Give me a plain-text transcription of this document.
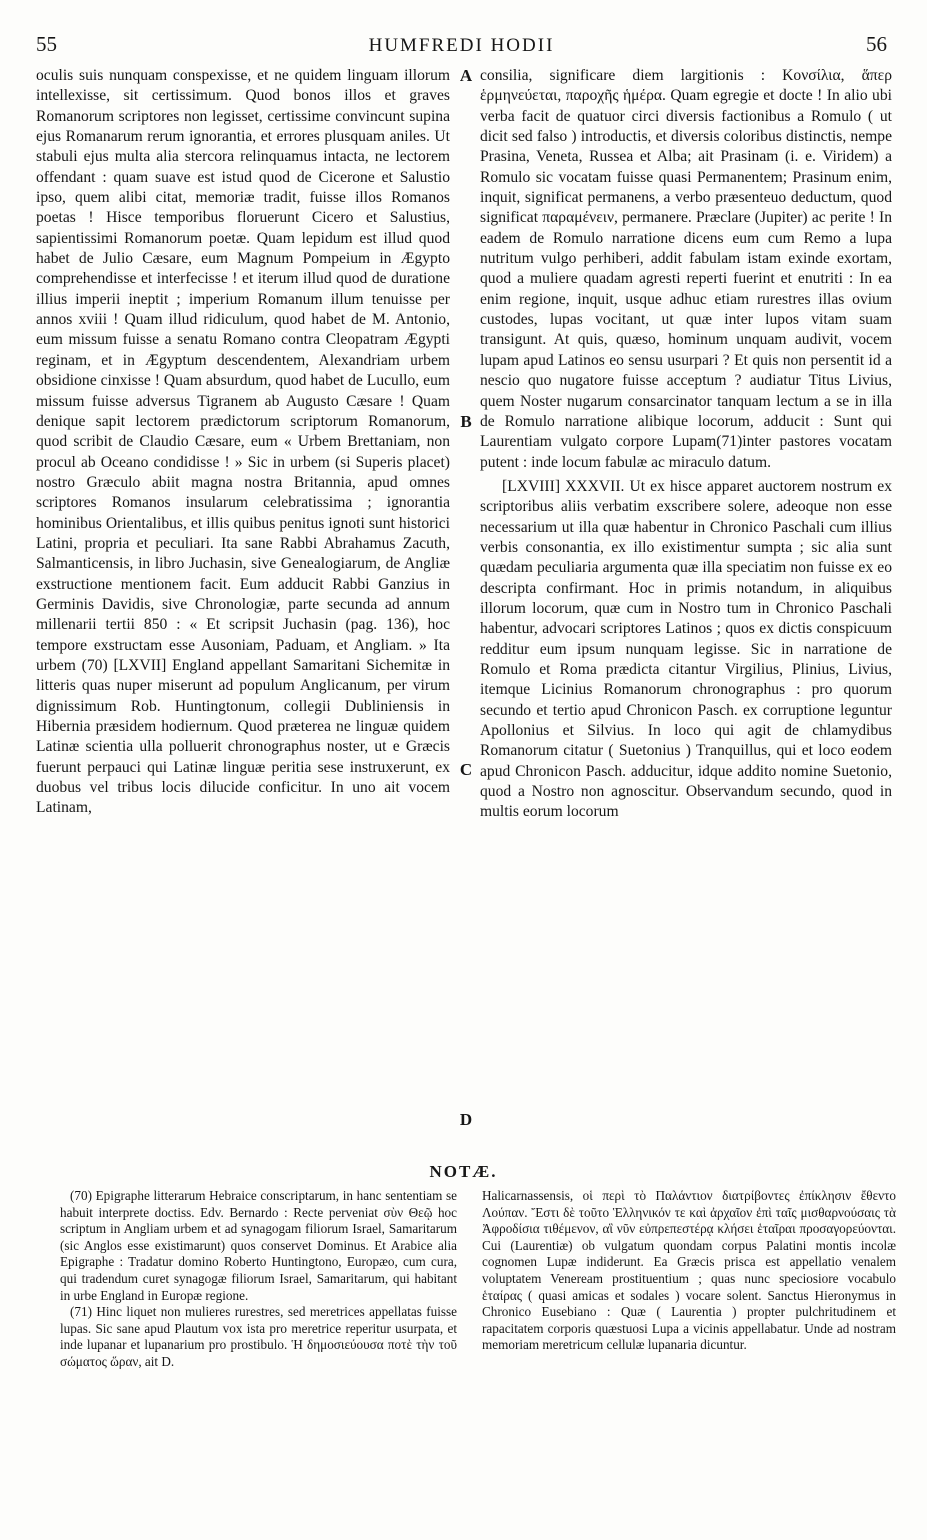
55	HUMFREDI HODII	56

oculis suis nunquam conspexisse, et ne quidem linguam illorum intellexisse, sit certissimum. Quod bonos illos et graves Romanorum scriptores non legisset, certissime convincunt supina ejus Romanarum rerum ignorantia, et errores plusquam aniles. Ut stabuli ejus multa alia stercora relinquamus intacta, ne lectorem offendant : quam suave est istud quod de Cicerone et Salustio ipso, quem alibi citat, memoriæ tradit, fuisse illos Romanos poetas ! Hisce temporibus floruerunt Cicero et Salustius, sapientissimi Romanorum poetæ. Quam lepidum est illud quod habet de Julio Cæsare, eum Magnum Pompeium in Ægypto comprehendisse et interfecisse ! et iterum illud quod de duratione illius imperii ineptit ; imperium Romanum illum tenuisse per annos xviii ! Quam illud ridiculum, quod habet de M. Antonio, eum missum fuisse a senatu Romano contra Cleopatram Ægypti reginam, et in Ægyptum descendentem, Alexandriam urbem obsidione cinxisse ! Quam absurdum, quod habet de Lucullo, eum missum fuisse adversus Tigranem ab Augusto Cæsare ! Quam denique sapit lectorem prædictorum scriptorum Romanorum, quod scribit de Claudio Cæsare, eum « Urbem Brettaniam, non procul ab Oceano condidisse ! » Sic in urbem (si Superis placet) nostro Græculo abiit magna nostra Britannia, apud omnes scriptores Romanos insularum celebratissima ; ignorantia hominibus Orientalibus, et illis quibus penitus ignoti sunt historici Latini, propria et peculiari. Ita sane Rabbi Abrahamus Zacuth, Salmanticensis, in libro Juchasin, sive Genealogiarum, de Angliæ exstructione mentionem facit. Eum adducit Rabbi Ganzius in Germinis Davidis, sive Chronologiæ, parte secunda ad annum millenarii tertii 850 : « Et scripsit Juchasin (pag. 136), hoc tempore exstructam esse Ausoniam, Paduam, et Angliam. » Ita urbem (70) [LXVII] England appellant Samaritani Sichemitæ in litteris quas nuper miserunt ad populum Anglicanum, per virum dignissimum Rob. Huntingtonum, collegii Dubliniensis in Hibernia præsidem hodiernum. Quod præterea ne linguæ quidem Latinæ scientia ulla polluerit chronographus noster, ut e Græcis fuerunt perpauci qui Latinæ linguæ peritia sese instruxerunt, ex duobus vel tribus locis dilucide conficitur. In uno ait vocem Latinam,

A
B
C
D

consilia, significare diem largitionis : Κονσίλια, ἅπερ ἑρμηνεύεται, παροχῆς ἡμέρα. Quam egregie et docte ! In alio ubi verba facit de quatuor circi diversis factionibus a Romulo ( ut dicit sed falso ) introductis, et diversis coloribus distinctis, nempe Prasina, Veneta, Russea et Alba; ait Prasinam (i. e. Viridem) a Romulo sic vocatam fuisse quasi Permanentem; Prasinum enim, inquit, significat permanens, a verbo præsenteuo deductum, quod significat παραμένειν, permanere. Præclare (Jupiter) ac perite ! In eadem de Romulo narratione dicens eum cum Remo a lupa nutritum vulgo perhiberi, addit fabulam istam exinde exortam, quod a muliere quadam agresti reperti fuerint et enutriti : In ea enim regione, inquit, usque adhuc etiam rurestres illas ovium custodes, lupas vocitant, ut quæ inter lupos vitam suam transigunt. At quis, quæso, hominum unquam audivit, vocem lupam apud Latinos eo sensu usurpari ? Et quis non persentit id a nescio quo nugatore fuisse acceptum ? audiatur Titus Livius, quem Noster nugarum consarcinator tanquam lectum a se in illa de Romulo narratione alibique locorum, adducit : Sunt qui Laurentiam vulgato corpore Lupam(71)inter pastores vocatam putent : inde locum fabulæ ac miraculo datum.

[LXVIII] XXXVII. Ut ex hisce apparet auctorem nostrum ex scriptoribus aliis verbatim exscribere solere, adeoque non esse necessarium ut illa quæ habentur in Chronico Paschali cum illius verbis consonantia, ex illo existimentur sumpta ; sic alia sunt quædam peculiaria argumenta quæ illa speciatim non fuisse ex eo descripta confirmant. Hoc in primis notandum, in aliquibus illorum locorum, quæ cum in Nostro tum in Chronico Paschali habentur, advocari scriptores Latinos ; quos ex dictis conspicuum redditur eum ipsum nunquam legisse. Sic in narratione de Romulo et Roma prædicta citantur Virgilius, Plinius, Livius, itemque Licinius Romanorum chronographus : pro quorum secundo et tertio apud Chronicon Pasch. ex corruptione leguntur Apollonius et Silvius. In loco qui agit de chlamydibus Romanorum citatur ( Suetonius ) Tranquillus, qui et loco eodem apud Chronicon Pasch. adducitur, idque addito nomine Suetonio, quod a Nostro non agnoscitur. Observandum secundo, quod in multis eorum locorum

NOTÆ.

(70) Epigraphe litterarum Hebraice conscriptarum, in hanc sententiam se habuit interprete doctiss. Edv. Bernardo : Recte perveniat σὺν Θεῷ hoc scriptum in Angliam urbem et ad synagogam filiorum Israel, Samaritarum (sic Anglos esse existimarunt) quos conservet Dominus. Et Arabice alia Epigraphe : Tradatur domino Roberto Huntingtono, Europæo, cum cura, qui tradendum curet synagogæ filiorum Israel, Samaritarum, qui habitant in urbe England in Europæ regione.

(71) Hinc liquet non mulieres rurestres, sed meretrices appellatas fuisse lupas. Sic sane apud Plautum vox ista pro meretrice reperitur usurpata, et inde lupanar et lupanarium pro prostibulo. Ἡ δημοσιεύουσα ποτὲ τὴν τοῦ σώματος ὥραν, ait D.

Halicarnassensis, οἱ περὶ τὸ Παλάντιον διατρίβοντες ἐπίκλησιν ἔθεντο Λούπαν. Ἔστι δὲ τοῦτο Ἑλληνικόν τε καὶ ἀρχαῖον ἐπὶ ταῖς μισθαρνούσαις τὰ Ἀφροδίσια τιθέμενον, αἳ νῦν εὐπρεπεστέρᾳ κλήσει ἑταῖραι προσαγορεύονται. Cui (Laurentiæ) ob vulgatum quondam corpus Palatini montis incolæ cognomen Lupæ indiderunt. Ea Græcis prisca est appellatio venalem voluptatem Veneream prostituentium ; quas nunc speciosiore vocabulo ἑταίρας ( quasi amicas et sodales ) vocare solent. Sanctus Hieronymus in Chronico Eusebiano : Quæ ( Laurentia ) propter pulchritudinem et rapacitatem corporis quæstuosi Lupa a vicinis appellabatur. Unde ad nostram memoriam meretricum cellulæ lupanaria dicuntur.
